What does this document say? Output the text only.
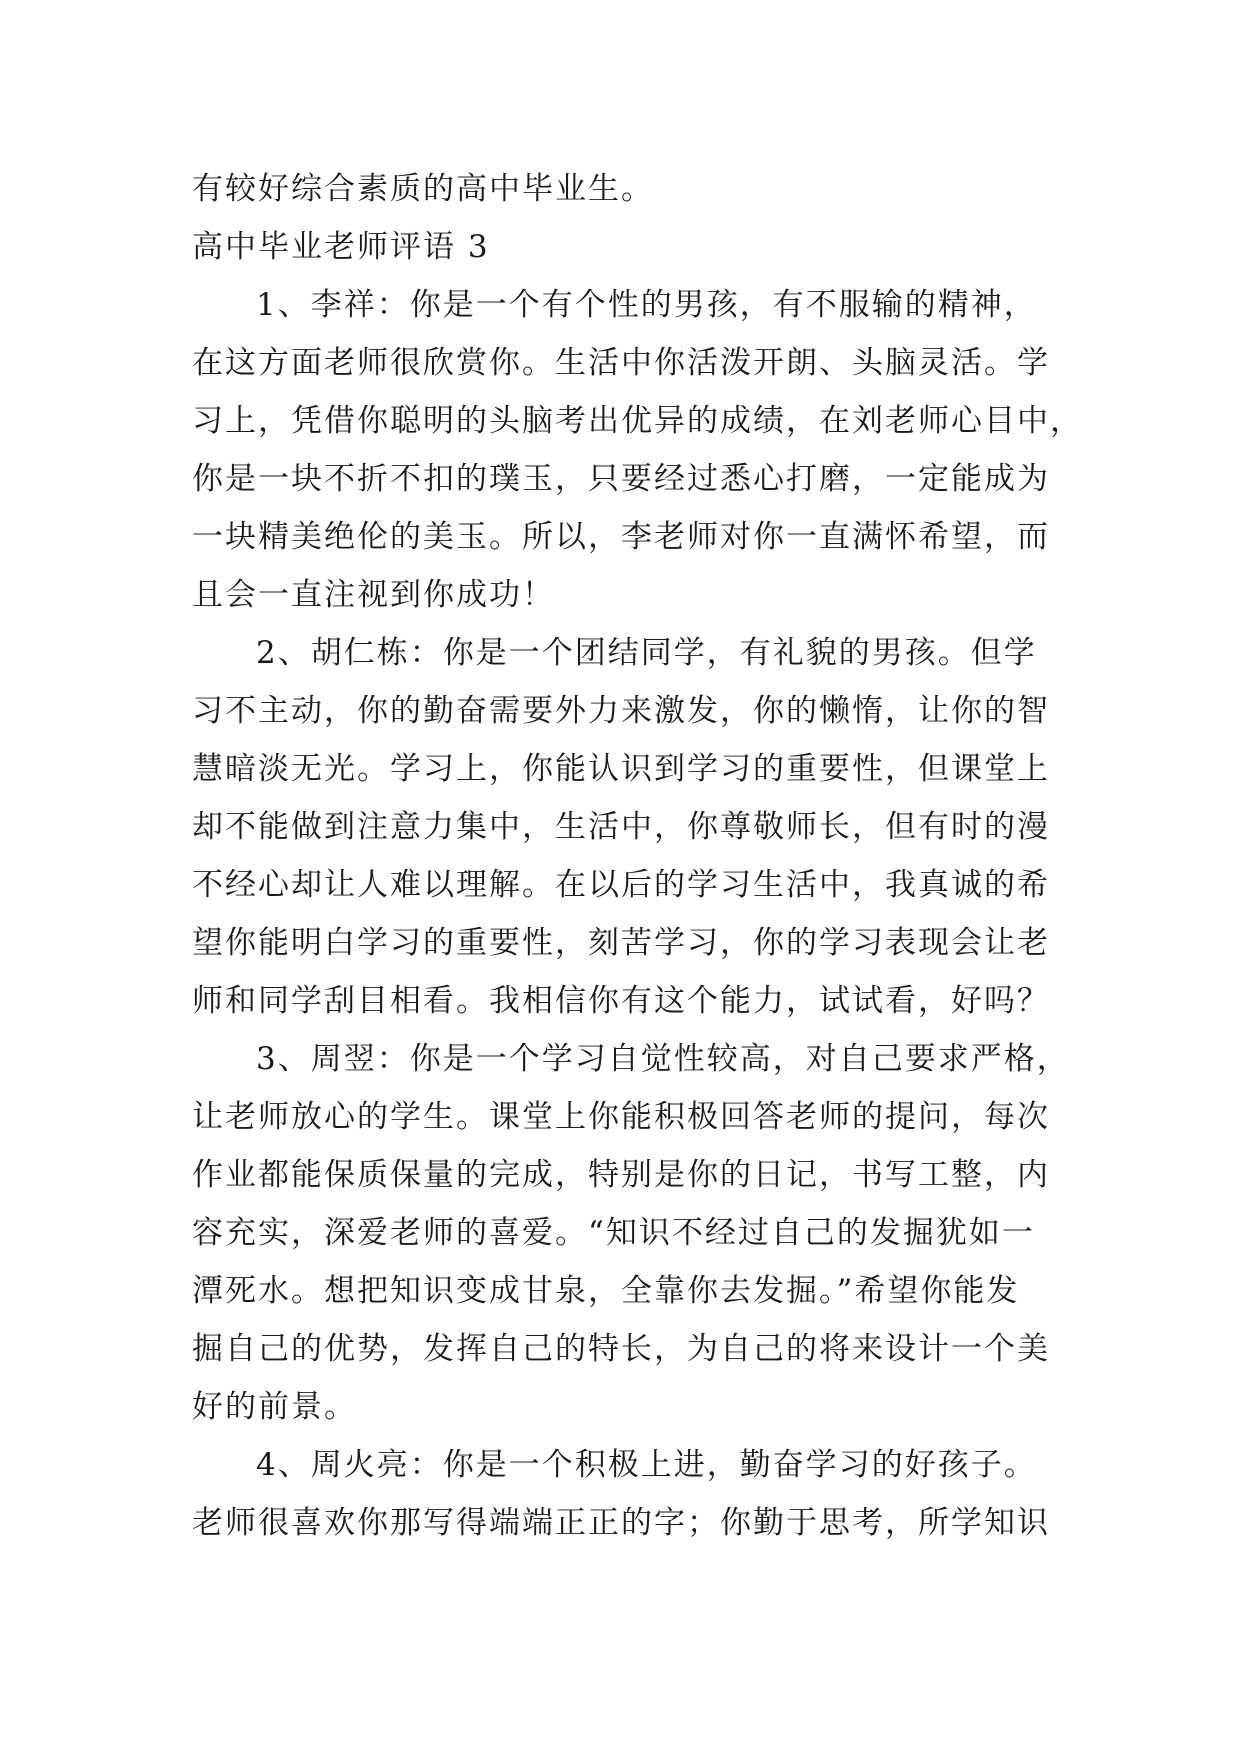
有较好综合素质的高中毕业生。
高中毕业老师评语 3
1、李祥：你是一个有个性的男孩，有不服输的精神，
在这方面老师很欣赏你。生活中你活泼开朗、头脑灵活。学
习上，凭借你聪明的头脑考出优异的成绩，在刘老师心目中，
你是一块不折不扣的璞玉，只要经过悉心打磨，一定能成为
一块精美绝伦的美玉。所以，李老师对你一直满怀希望，而
且会一直注视到你成功！
2、胡仁栋：你是一个团结同学，有礼貌的男孩。但学
习不主动，你的勤奋需要外力来激发，你的懒惰，让你的智
慧暗淡无光。学习上，你能认识到学习的重要性，但课堂上
却不能做到注意力集中，生活中，你尊敬师长，但有时的漫
不经心却让人难以理解。在以后的学习生活中，我真诚的希
望你能明白学习的重要性，刻苦学习，你的学习表现会让老
师和同学刮目相看。我相信你有这个能力，试试看，好吗？
3、周翌：你是一个学习自觉性较高，对自己要求严格，
让老师放心的学生。课堂上你能积极回答老师的提问，每次
作业都能保质保量的完成，特别是你的日记，书写工整，内
容充实，深爱老师的喜爱。“知识不经过自己的发掘犹如一
潭死水。想把知识变成甘泉，全靠你去发掘。”希望你能发
掘自己的优势，发挥自己的特长，为自己的将来设计一个美
好的前景。
4、周火亮：你是一个积极上进，勤奋学习的好孩子。
老师很喜欢你那写得端端正正的字；你勤于思考，所学知识
